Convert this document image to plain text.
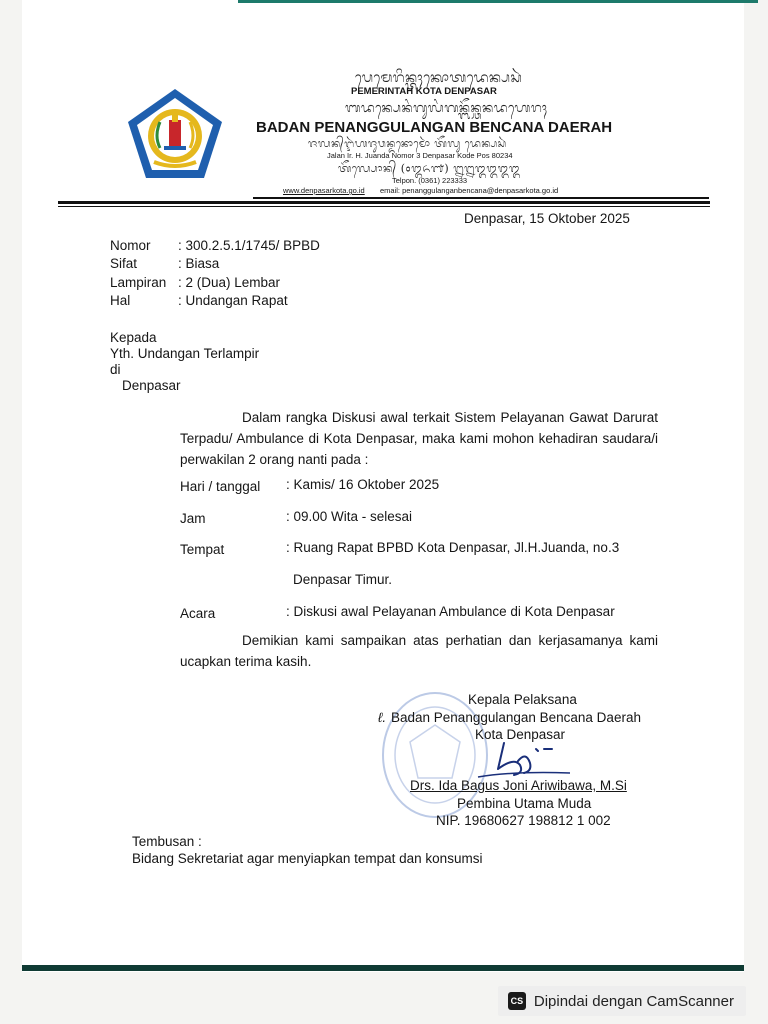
ᬧᬾᬫᬾᬭᬶᬦ᭄ᬢᬄᬓᭀᬢᬤᬾᬦ᭄ᬧᬲᬃ
PEMERINTAH KOTA DENPASAR
ᬩᬤᬦ᭄ᬧᬾᬦᬂᬕᬸᬮᬂᬕᬦ᭄ᬩᭂᬦ᭄ᬘᬦᬤᬳᬾᬭᬄ
BADAN PENANGGULANGAN BENCANA DAERAH
ᬚᬮᬦ᭄ᬇᬃᬳᬚᬸᬯᬦ᭄ᬤᬦᭀᬫᭀᬃ ᬢᭂᬮᬸ ᬤᬾᬦ᭄ᬧᬲᬃ
Jalan Ir. H. Juanda Nomor 3 Denpasar Kode Pos 80234
ᬢᭂᬮ᭄ᬧᭀᬦ᭄ (᭐᭓᭖᭑) ᭒᭒᭓᭓᭓᭓
Telpon. (0361) 223333
www.denpasarkota.go.id email: penanggulanganbencana@denpasarkota.go.id
Denpasar, 15 Oktober 2025
Nomor : 300.2.5.1/1745/ BPBD
Sifat	: Biasa
Lampiran : 2 (Dua) Lembar
Hal	: Undangan Rapat
Kepada
Yth. Undangan Terlampir
di
Denpasar
Dalam rangka Diskusi awal terkait Sistem Pelayanan Gawat Darurat Terpadu/ Ambulance di Kota Denpasar, maka kami mohon kehadiran saudara/i perwakilan 2 orang nanti pada :
Hari / tanggal : Kamis/ 16 Oktober 2025
Jam	: 09.00 Wita - selesai
Tempat	: Ruang Rapat BPBD Kota Denpasar, Jl.H.Juanda, no.3
Denpasar Timur.
Acara	: Diskusi awal Pelayanan Ambulance di Kota Denpasar
Demikian kami sampaikan atas perhatian dan kerjasamanya kami ucapkan terima kasih.
Kepala Pelaksana
ℓ. Badan Penanggulangan Bencana Daerah
Kota Denpasar
Drs. Ida Bagus Joni Ariwibawa, M.Si
Pembina Utama Muda
NIP. 19680627 198812 1 002
Tembusan :
Bidang Sekretariat agar menyiapkan tempat dan konsumsi
CS Dipindai dengan CamScanner
